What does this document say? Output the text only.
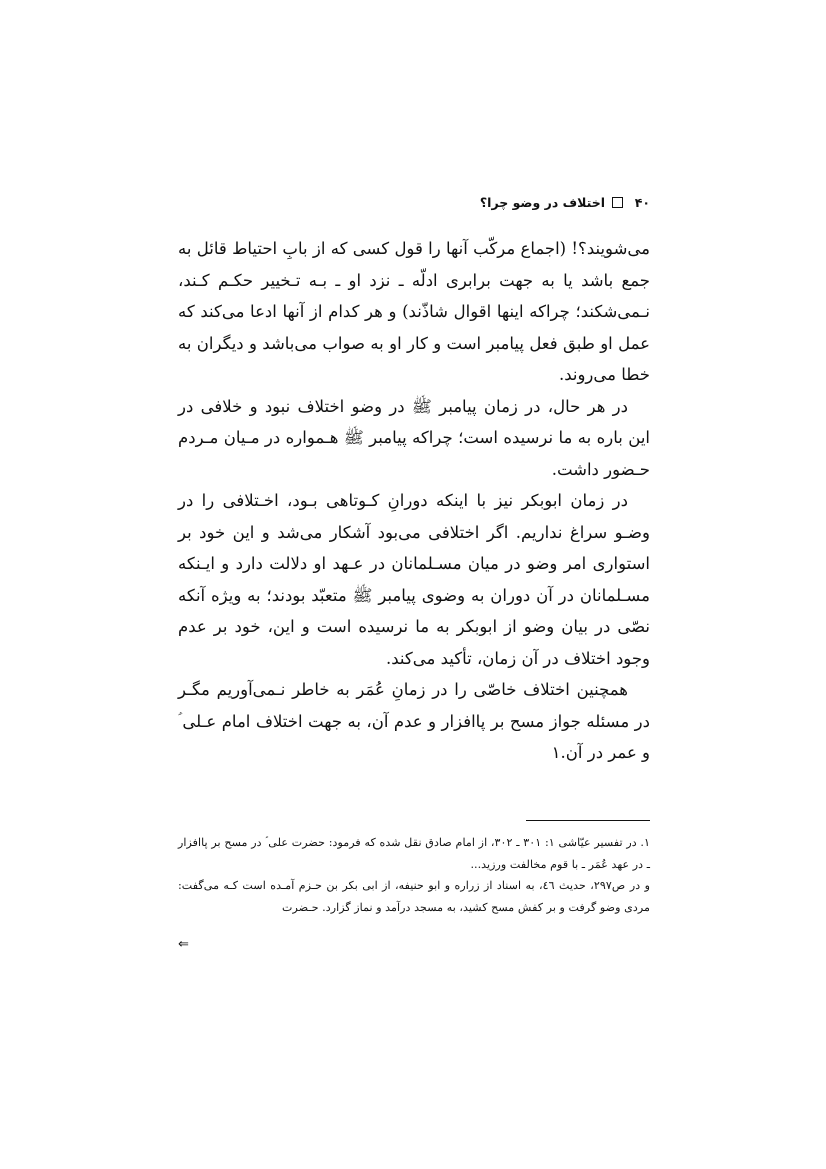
۴۰  اختلاف در وضو چرا؟

می‌شویند؟! (اجماع مرکّب آنها را قول کسی که از بابِ احتیاط قائل به جمع باشد یا به جهت برابری ادلّه ـ نزد او ـ بـه تـخییر حکـم کـند، نـمی‌شکند؛ چراکه اینها اقوال شاذّند) و هر کدام از آنها ادعا می‌کند که عمل او طبق فعل پیامبر است و کار او به صواب می‌باشد و دیگران به خطا می‌روند.

در هر حال، در زمان پیامبر ﷺ در وضو اختلاف نبود و خلافی در این باره به ما نرسیده است؛ چراکه پیامبر ﷺ هـمواره در مـیان مـردم حـضور داشت.

در زمان ابوبکر نیز با اینکه دورانِ کـوتاهی بـود، اخـتلافی را در وضـو سراغ نداریم. اگر اختلافی می‌بود آشکار می‌شد و این خود بر استواری امر وضو در میان مسـلمانان در عـهد او دلالت دارد و ایـنکه مسـلمانان در آن دوران به وضوی پیامبر ﷺ متعبّد بودند؛ به ویژه آنکه نصّی در بیان وضو از ابوبکر به ما نرسیده است و این، خود بر عدم وجود اختلاف در آن زمان، تأکید می‌کند.

همچنین اختلاف خاصّی را در زمانِ عُمَر به خاطر نـمی‌آوریم مگـر در مسئله جواز مسح بر پاافزار و عدم آن، به جهت اختلاف امام عـلی ؑ و عمر در آن.۱

۱. در تفسیر عیّاشی ۱: ۳۰۱ ـ ۳۰۲، از امام صادق نقل شده که فرمود: حضرت علی ؑ در مسح بر پاافزار ـ در عهد عُمَر ـ با قوم مخالفت ورزید...

و در ص۲۹۷، حدیث ٤٦، به اسناد از زراره و ابو حنیفه، از ابی بکر بن حـزم آمـده است کـه می‌گفت: مردی وضو گرفت و بر کفش مسح کشید، به مسجد درآمد و نماز گزارد. حـضرت

⇐
